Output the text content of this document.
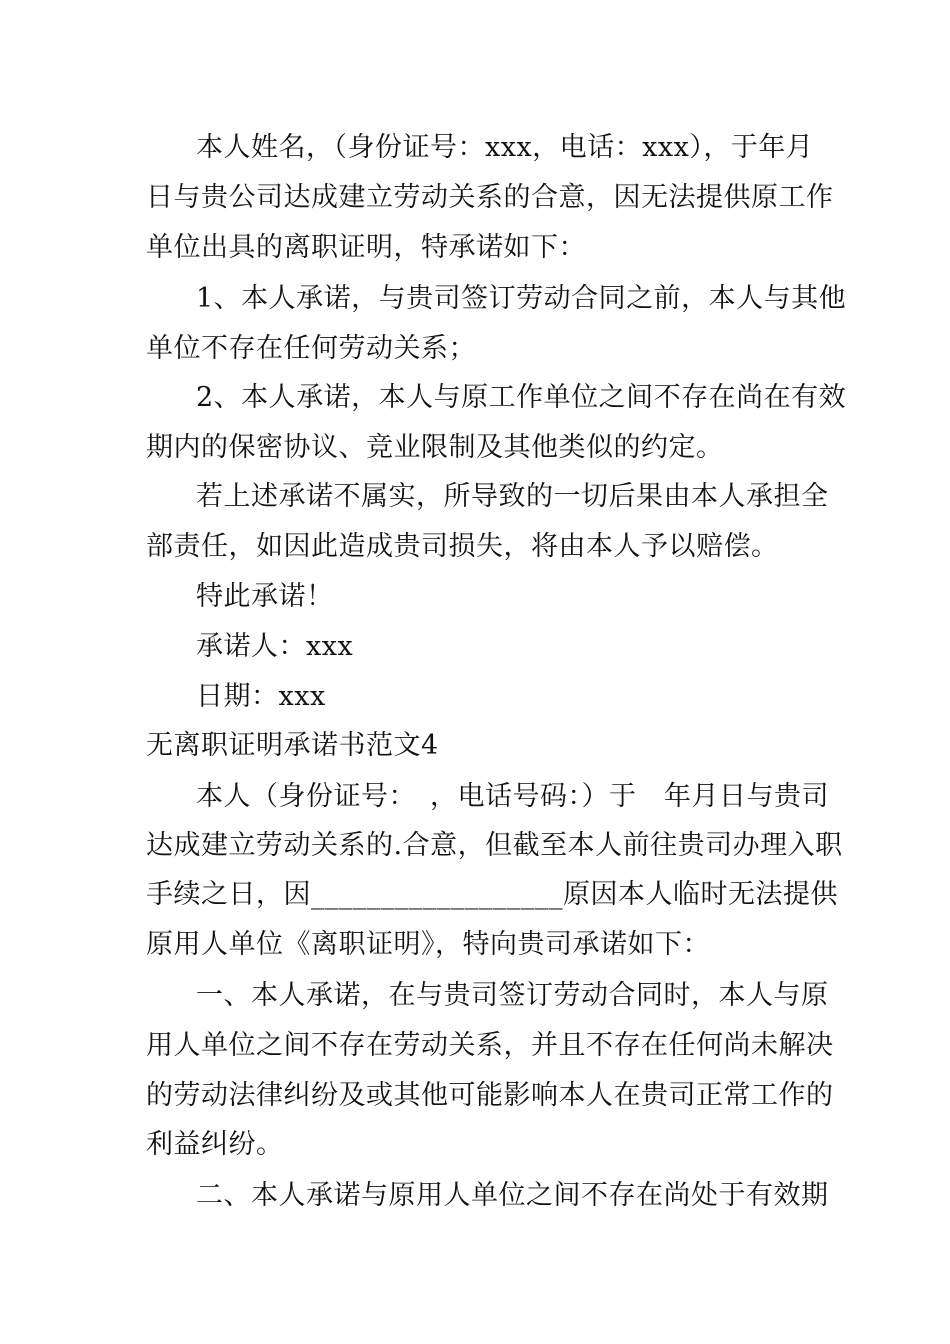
本人姓名，（身份证号：xxx，电话：xxx），于年月
日与贵公司达成建立劳动关系的合意，因无法提供原工作
单位出具的离职证明，特承诺如下：
1、本人承诺，与贵司签订劳动合同之前，本人与其他
单位不存在任何劳动关系；
2、本人承诺，本人与原工作单位之间不存在尚在有效
期内的保密协议、竞业限制及其他类似的约定。
若上述承诺不属实，所导致的一切后果由本人承担全
部责任，如因此造成贵司损失，将由本人予以赔偿。
特此承诺！
承诺人：xxx
日期：xxx
无离职证明承诺书范文4
本人（身份证号：　，电话号码：）于　年月日与贵司
达成建立劳动关系的.合意，但截至本人前往贵司办理入职
手续之日，因__________________原因本人临时无法提供
原用人单位《离职证明》，特向贵司承诺如下：
一、本人承诺，在与贵司签订劳动合同时，本人与原
用人单位之间不存在劳动关系，并且不存在任何尚未解决
的劳动法律纠纷及或其他可能影响本人在贵司正常工作的
利益纠纷。
二、本人承诺与原用人单位之间不存在尚处于有效期
